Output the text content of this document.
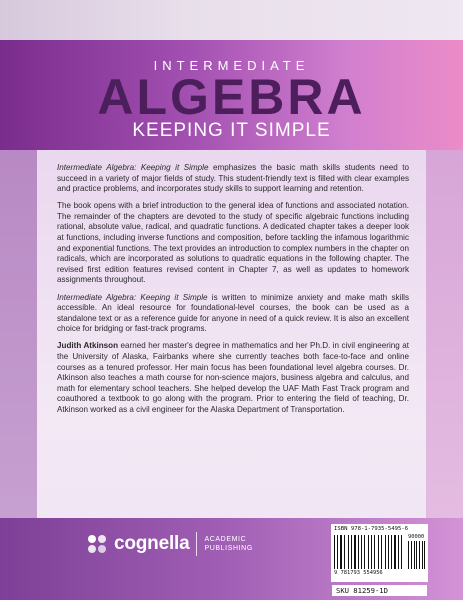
INTERMEDIATE
ALGEBRA
KEEPING IT SIMPLE

Intermediate Algebra: Keeping it Simple emphasizes the basic math skills students need to succeed in a variety of major fields of study. This student-friendly text is filled with clear examples and practice problems, and incorporates study skills to support learning and retention.

The book opens with a brief introduction to the general idea of functions and associated notation. The remainder of the chapters are devoted to the study of specific algebraic functions including rational, absolute value, radical, and quadratic functions. A dedicated chapter takes a deeper look at functions, including inverse functions and composition, before tackling the infamous logarithmic and exponential functions. The text provides an introduction to complex numbers in the chapter on radicals, which are incorporated as solutions to quadratic equations in the following chapter. The revised first edition features revised content in Chapter 7, as well as updates to homework assignments throughout.

Intermediate Algebra: Keeping it Simple is written to minimize anxiety and make math skills accessible. An ideal resource for foundational-level courses, the book can be used as a standalone text or as a reference guide for anyone in need of a quick review. It is also an excellent choice for bridging or fast-track programs.

Judith Atkinson earned her master's degree in mathematics and her Ph.D. in civil engineering at the University of Alaska, Fairbanks where she currently teaches both face-to-face and online courses as a tenured professor. Her main focus has been foundational level algebra courses. Dr. Atkinson also teaches a math course for non-science majors, business algebra and calculus, and math for elementary school teachers. She helped develop the UAF Math Fast Track program and coauthored a textbook to go along with the program. Prior to entering the field of teaching, Dr. Atkinson worked as a civil engineer for the Alaska Department of Transportation.

cognella ACADEMIC
PUBLISHING
ISBN 978-1-7935-5495-6
90000
9 781793 554956
SKU 81259-1D
